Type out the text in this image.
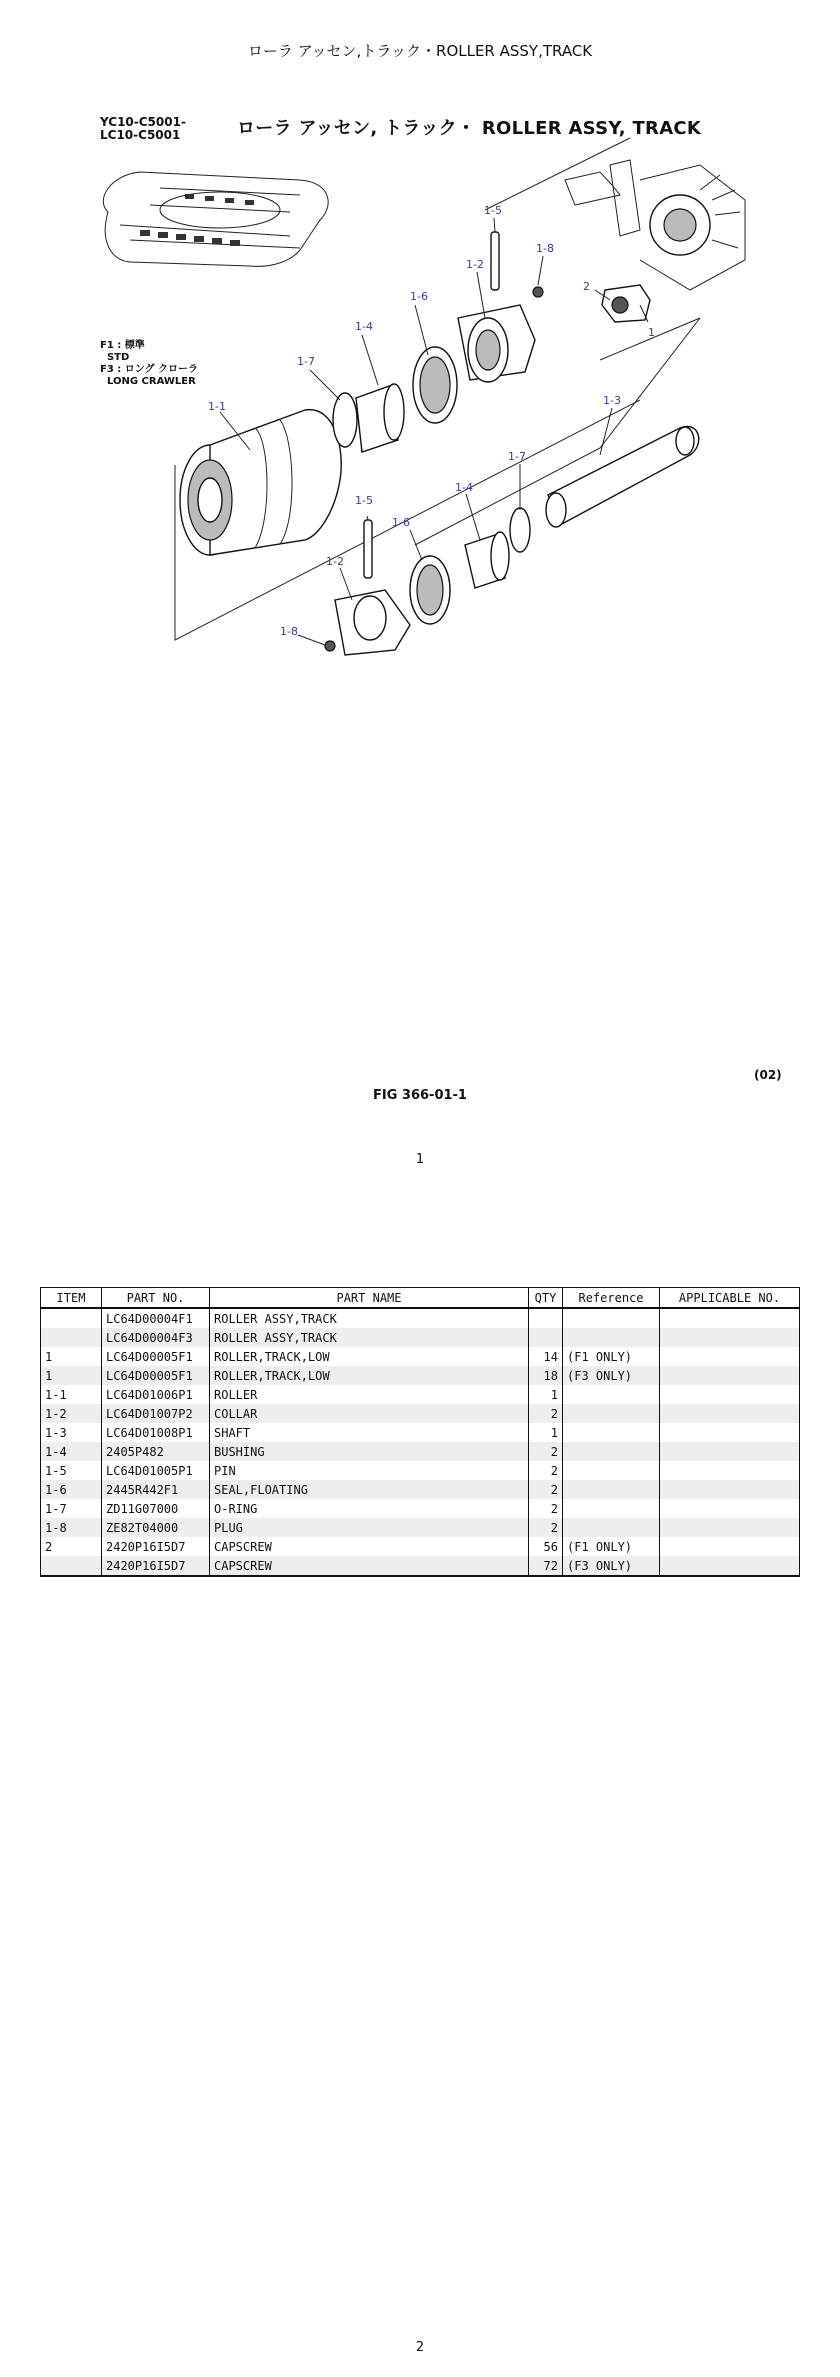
ローラ アッセン,トラック・ROLLER ASSY,TRACK
YC10-C5001-
LC10-C5001	ローラ アッセン, トラック・ ROLLER ASSY, TRACK
F1 : 標準
STD
F3 : ロング クローラ
LONG CRAWLER
1
2
1-1
1-2
1-2
1-3
1-4
1-4
1-5
1-5
1-6
1-6
1-7
1-7
1-8
1-8
(02)
FIG 366-01-1
1
ITEM	PART NO.	PART NAME	QTY	Reference	APPLICABLE NO.
	LC64D00004F1	ROLLER ASSY,TRACK			
	LC64D00004F3	ROLLER ASSY,TRACK			
1	LC64D00005F1	ROLLER,TRACK,LOW	14	(F1 ONLY)	
1	LC64D00005F1	ROLLER,TRACK,LOW	18	(F3 ONLY)	
1-1	LC64D01006P1	ROLLER	1		
1-2	LC64D01007P2	COLLAR	2		
1-3	LC64D01008P1	SHAFT	1		
1-4	2405P482	BUSHING	2		
1-5	LC64D01005P1	PIN	2		
1-6	2445R442F1	SEAL,FLOATING	2		
1-7	ZD11G07000	O-RING	2		
1-8	ZE82T04000	PLUG	2		
2	2420P16I5D7	CAPSCREW	56	(F1 ONLY)	
	2420P16I5D7	CAPSCREW	72	(F3 ONLY)	
2
